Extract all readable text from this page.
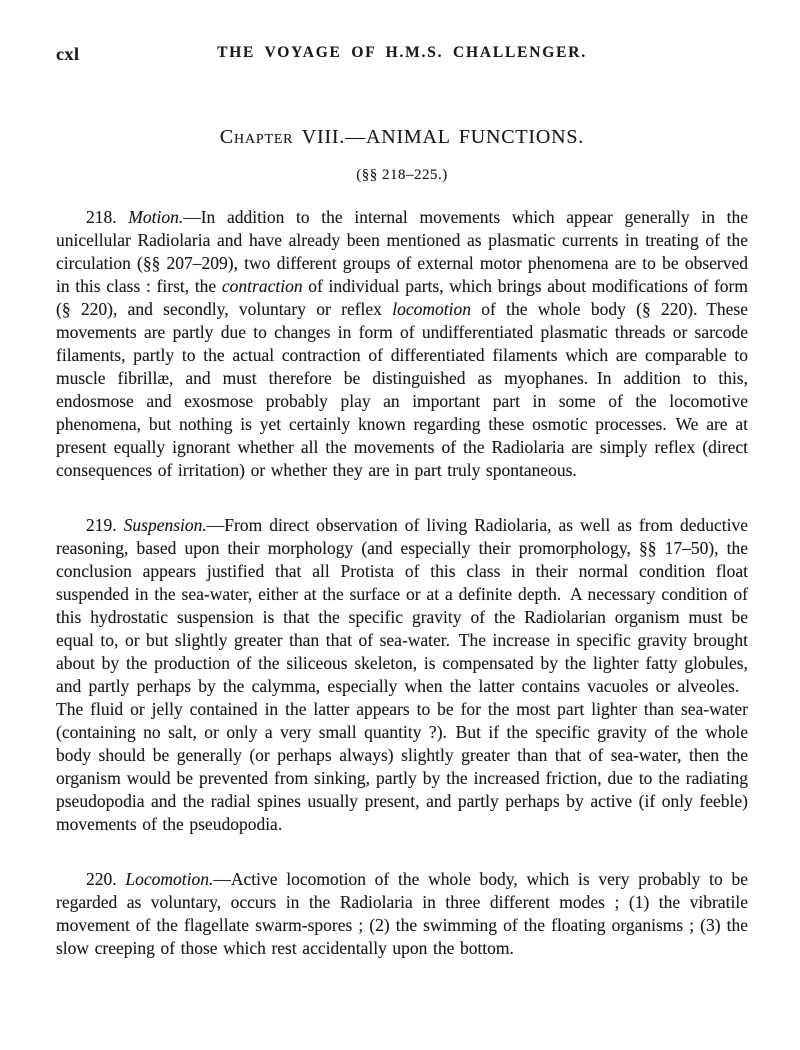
cxl	THE VOYAGE OF H.M.S. CHALLENGER.
Chapter VIII.—ANIMAL FUNCTIONS.
(§§ 218–225.)

218. Motion.—In addition to the internal movements which appear generally in the unicellular Radiolaria and have already been mentioned as plasmatic currents in treating of the circulation (§§ 207–209), two different groups of external motor phenomena are to be observed in this class : first, the contraction of individual parts, which brings about modifications of form (§ 220), and secondly, voluntary or reflex locomotion of the whole body (§ 220). These movements are partly due to changes in form of undifferentiated plasmatic threads or sarcode filaments, partly to the actual contraction of differentiated filaments which are comparable to muscle fibrillæ, and must therefore be distinguished as myophanes. In addition to this, endosmose and exosmose probably play an important part in some of the locomotive phenomena, but nothing is yet certainly known regarding these osmotic processes. We are at present equally ignorant whether all the movements of the Radiolaria are simply reflex (direct consequences of irritation) or whether they are in part truly spontaneous.

219. Suspension.—From direct observation of living Radiolaria, as well as from deductive reasoning, based upon their morphology (and especially their promorphology, §§ 17–50), the conclusion appears justified that all Protista of this class in their normal condition float suspended in the sea-water, either at the surface or at a definite depth. A necessary condition of this hydrostatic suspension is that the specific gravity of the Radiolarian organism must be equal to, or but slightly greater than that of sea-water. The increase in specific gravity brought about by the production of the siliceous skeleton, is compensated by the lighter fatty globules, and partly perhaps by the calymma, especially when the latter contains vacuoles or alveoles. The fluid or jelly contained in the latter appears to be for the most part lighter than sea-water (containing no salt, or only a very small quantity ?). But if the specific gravity of the whole body should be generally (or perhaps always) slightly greater than that of sea-water, then the organism would be prevented from sinking, partly by the increased friction, due to the radiating pseudopodia and the radial spines usually present, and partly perhaps by active (if only feeble) movements of the pseudopodia.

220. Locomotion.—Active locomotion of the whole body, which is very probably to be regarded as voluntary, occurs in the Radiolaria in three different modes ; (1) the vibratile movement of the flagellate swarm-spores ; (2) the swimming of the floating organisms ; (3) the slow creeping of those which rest accidentally upon the bottom.
